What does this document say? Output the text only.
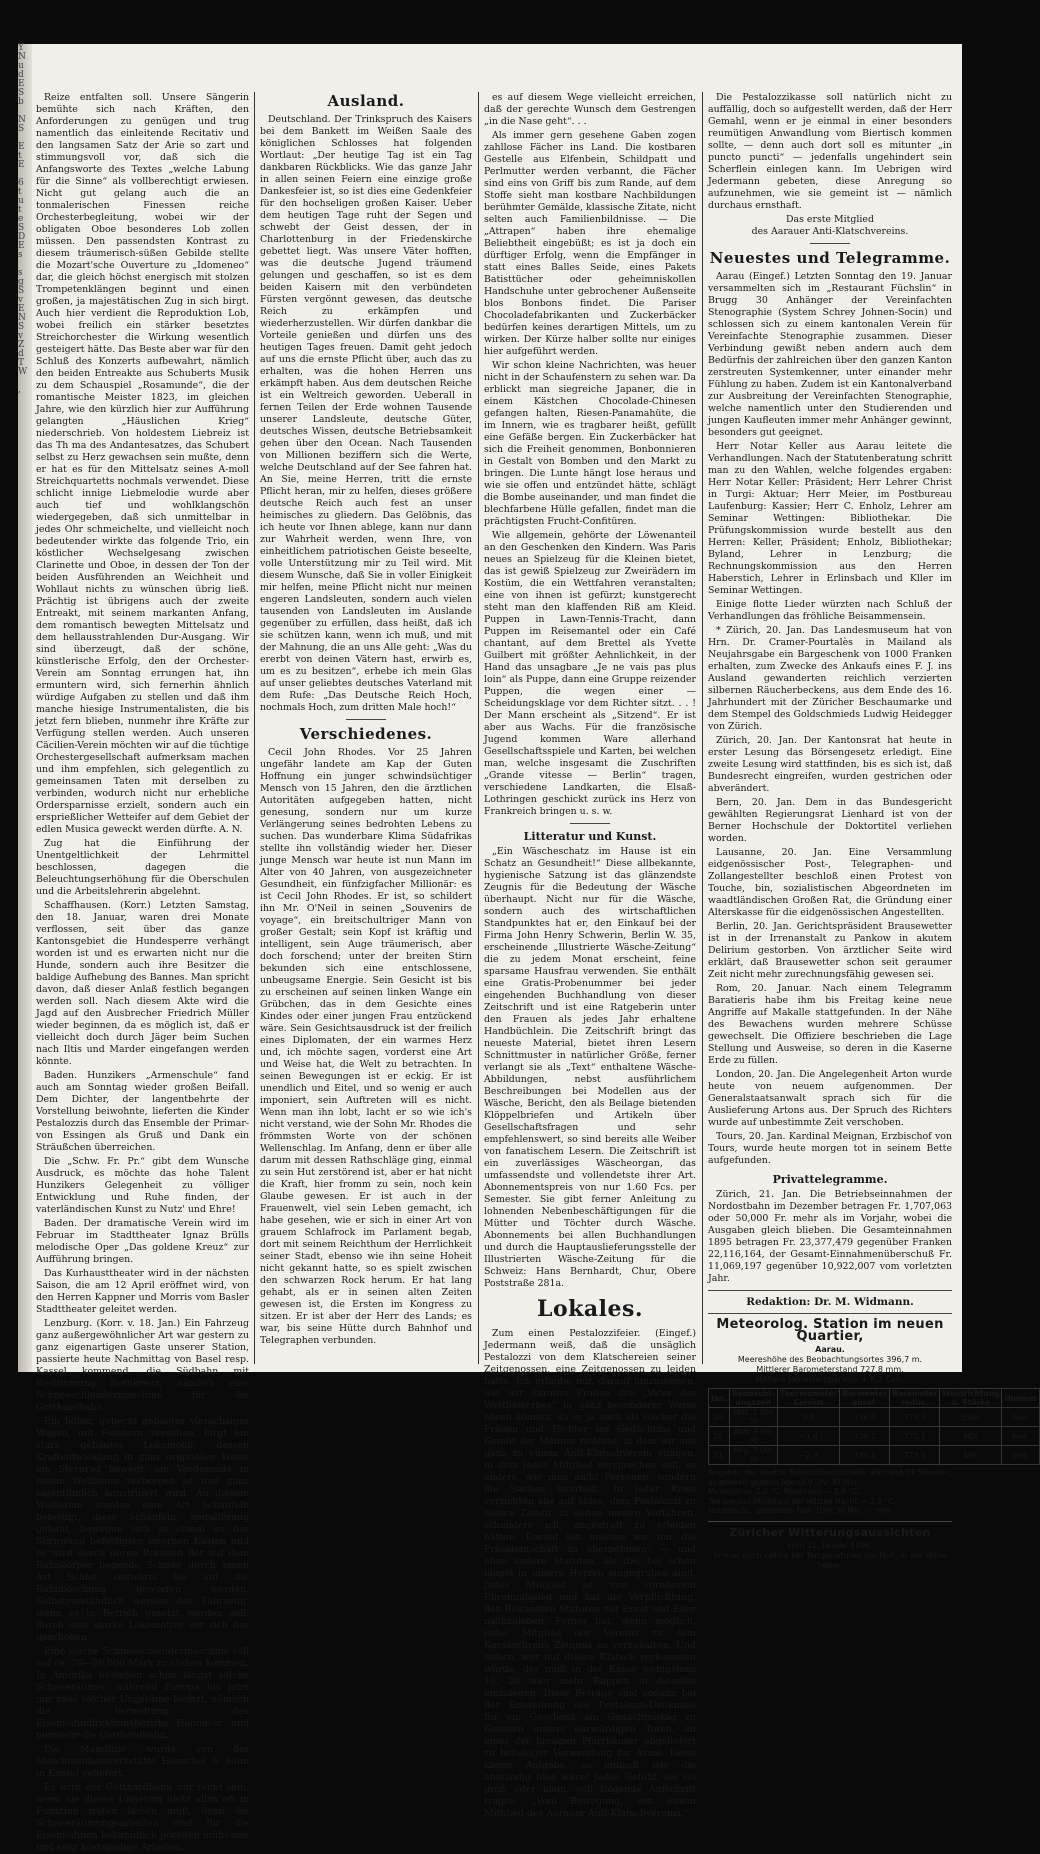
Y
N
u
d
E
S
b

N
S

E
t
E

6
t
u
t
e
S
D
E
s

s
g
S
v
E
N
S
v
Z
d
T
W

,

Reize entfalten soll. Unsere Sängerin bemühte sich nach Kräften, den Anforderungen zu genügen und trug namentlich das einleitende Recitativ und den langsamen Satz der Arie so zart und stimmungsvoll vor, daß sich die Anfangsworte des Textes „welche Labung für die Sinne“ als vollberechtigt erwiesen. Nicht gut gelang auch die an tonmalerischen Finessen reiche Orchesterbegleitung, wobei wir der obligaten Oboe besonderes Lob zollen müssen. Den passendsten Kontrast zu diesem träumerisch-süßen Gebilde stellte die Mozart'sche Ouverture zu „Idomeneo“ dar, die gleich höchst energisch mit stolzen Trompetenklängen beginnt und einen großen, ja majestätischen Zug in sich birgt. Auch hier verdient die Reproduktion Lob, wobei freilich ein stärker besetztes Streichorchester die Wirkung wesentlich gesteigert hätte. Das Beste aber war für den Schluß des Konzerts aufbewahrt, nämlich den beiden Entreakte aus Schuberts Musik zu dem Schauspiel „Rosamunde“, die der romantische Meister 1823, im gleichen Jahre, wie den kürzlich hier zur Aufführung gelangten „Häuslichen Krieg“ niederschrieb. Von holdestem Liebreiz ist das Th ma des Andantesatzes, das Schubert selbst zu Herz gewachsen sein mußte, denn er hat es für den Mittelsatz seines A-moll Streichquartetts nochmals verwendet. Diese schlicht innige Liebmelodie wurde aber auch tief und wohlklangschön wiedergegeben, daß sich unmittelbar in jedes Ohr schmeichelte, und vielleicht noch bedeutender wirkte das folgende Trio, ein köstlicher Wechselgesang zwischen Clarinette und Oboe, in dessen der Ton der beiden Ausführenden an Weichheit und Wohllaut nichts zu wünschen übrig ließ. Prächtig ist übrigens auch der zweite Entreakt, mit seinem markanten Anfang, dem romantisch bewegten Mittelsatz und dem hellausstrahlenden Dur-Ausgang. Wir sind überzeugt, daß der schöne, künstlerische Erfolg, den der Orchester-Verein am Sonntag errungen hat, ihn ermuntern wird, sich fernerhin ähnlich würdige Aufgaben zu stellen und daß ihm manche hiesige Instrumentalisten, die bis jetzt fern blieben, nunmehr ihre Kräfte zur Verfügung stellen werden. Auch unseren Cäcilien-Verein möchten wir auf die tüchtige Orchestergesellschaft aufmerksam machen und ihm empfehlen, sich gelegentlich zu gemeinsamen Taten mit derselben zu verbinden, wodurch nicht nur erhebliche Ordersparnisse erzielt, sondern auch ein ersprießlicher Wetteifer auf dem Gebiet der edlen Musica geweckt werden dürfte. A. N.

Zug hat die Einführung der Unentgeltlichkeit der Lehrmittel beschlossen, dagegen die Beleuchtungserhöhung für die Oberschulen und die Arbeitslehrerin abgelehnt.

Schaffhausen. (Korr.) Letzten Samstag, den 18. Januar, waren drei Monate verflossen, seit über das ganze Kantonsgebiet die Hundesperre verhängt worden ist und es erwarten nicht nur die Hunde, sondern auch ihre Besitzer die baldige Aufhebung des Bannes. Man spricht davon, daß dieser Anlaß festlich begangen werden soll. Nach diesem Akte wird die Jagd auf den Ausbrecher Friedrich Müller wieder beginnen, da es möglich ist, daß er vielleicht doch durch Jäger beim Suchen nach Iltis und Marder eingefangen werden könnte.

Baden. Hunzikers „Armenschule“ fand auch am Sonntag wieder großen Beifall. Dem Dichter, der langentbehrte der Vorstellung beiwohnte, lieferten die Kinder Pestalozzis durch das Ensemble der Primar- von Essingen als Gruß und Dank ein Sträußchen überreichen.

Die „Schw. Fr. Pr.“ gibt dem Wunsche Ausdruck, es möchte das hohe Talent Hunzikers Gelegenheit zu völliger Entwicklung und Ruhe finden, der vaterländischen Kunst zu Nutz' und Ehre!

Baden. Der dramatische Verein wird im Februar im Stadttheater Ignaz Brülls melodische Oper „Das goldene Kreuz“ zur Aufführung bringen.

Das Kurhausttheater wird in der nächsten Saison, die am 12 April eröffnet wird, von den Herren Kappner und Morris vom Basler Stadttheater geleitet werden.

Lenzburg. (Korr. v. 18. Jan.) Ein Fahrzeug ganz außergewöhnlicher Art war gestern zu ganz eigenartigen Gaste unserer Station, passierte heute Nachmittag von Basel resp. Kassel kommend, die Südbahn mit Bestimmung Rothkreuz, nämlich eine Schneeschleudermaschine für die Gotthardbahn.

Ein höher, gebeckt gebauter vierachsiger Wagen, mit Fenstern versehen, birgt ein stark gebautes Lokomobil, dessen Kraftentwicklung in ganz origineller Weise ein Sternrad bewegt, am Vorderende in einem Wellbaum verborgen ist und ganz eigentümlich konstruiert wird. An diesem Wellbaum werden eine Art Schaufeln befestigt, diese Schaufeln, spiralförmig gebaut, bewegen sich in einem an der Stirnwand befestigten eisernen Kasten und es wird durch deren Rotation der auf dem Bahnkörper liegende Schnee durch einen Art Schlot seitwärts bis auf die Bahnböschung geworfen werden. Selbstverständlich werden das Fahrzeug, wenn es in Betrieb gesetzt werden soll, durch eine starke Lokomotive vor sich her geschoben.

Eine solche Schneeschleudermaschine soll auf ca. 70—80,000 Mark zu stehen kommen. In Amerika bestehen schon längst solche Schneeräumer, während Europa bis jetzt nur zwei solcher Ungetüme besitzt, nämlich die Verwaltung des Eisenbahndirektionsbezirks Hannover und nunmehr die Gotthardbahn.

Die Maschine wurde von der Maschinenbauwerkstätte Henschel & Sohn in Kassel geliefert.

Es wird der Gotthardbahn nur recht sein, wenn sie dieses Ungetüm nicht allzu oft in Funktion treten lassen muß, denn die Schneeräumungsarbeiten sind für die Eisenbahnen bekanntlich jeweilen mühsame und sehr kostspielige Arbeiten.

Ausland.

Deutschland. Der Trinkspruch des Kaisers bei dem Bankett im Weißen Saale des königlichen Schlosses hat folgenden Wortlaut: „Der heutige Tag ist ein Tag dankbaren Rückblicks. Wie das ganze Jahr in allen seinen Feiern eine einzige große Dankesfeier ist, so ist dies eine Gedenkfeier für den hochseligen großen Kaiser. Ueber dem heutigen Tage ruht der Segen und schwebt der Geist dessen, der in Charlottenburg in der Friedenskirche gebettet liegt. Was unsere Väter hofften, was die deutsche Jugend träumend gelungen und geschaffen, so ist es dem beiden Kaisern mit den verbündeten Fürsten vergönnt gewesen, das deutsche Reich zu erkämpfen und wiederherzustellen. Wir dürfen dankbar die Vorteile genießen und dürfen uns des heutigen Tages freuen. Damit geht jedoch auf uns die ernste Pflicht über, auch das zu erhalten, was die hohen Herren uns erkämpft haben. Aus dem deutschen Reiche ist ein Weltreich geworden. Ueberall in fernen Teilen der Erde wohnen Tausende unserer Landsleute, deutsche Güter, deutsches Wissen, deutsche Betriebsamkeit gehen über den Ocean. Nach Tausenden von Millionen beziffern sich die Werte, welche Deutschland auf der See fahren hat. An Sie, meine Herren, tritt die ernste Pflicht heran, mir zu helfen, dieses größere deutsche Reich auch fest an unser heimisches zu gliedern. Das Gelöbnis, das ich heute vor Ihnen ablege, kann nur dann zur Wahrheit werden, wenn Ihre, von einheitlichem patriotischen Geiste beseelte, volle Unterstützung mir zu Teil wird. Mit diesem Wunsche, daß Sie in voller Einigkeit mir helfen, meine Pflicht nicht nur meinen engeren Landsleuten, sondern auch vielen tausenden von Landsleuten im Auslande gegenüber zu erfüllen, dass heißt, daß ich sie schützen kann, wenn ich muß, und mit der Mahnung, die an uns Alle geht: „Was du ererbt von deinen Vätern hast, erwirb es, um es zu besitzen“, erhebe ich mein Glas auf unser geliebtes deutsches Vaterland mit dem Rufe: „Das Deutsche Reich Hoch, nochmals Hoch, zum dritten Male hoch!“

Verschiedenes.

Cecil John Rhodes. Vor 25 Jahren ungefähr landete am Kap der Guten Hoffnung ein junger schwindsüchtiger Mensch von 15 Jahren, den die ärztlichen Autoritäten aufgegeben hatten, nicht genesung, sondern nur um kurze Verlängerung seines bedrohten Lebens zu suchen. Das wunderbare Klima Südafrikas stellte ihn vollständig wieder her. Dieser junge Mensch war heute ist nun Mann im Alter von 40 Jahren, von ausgezeichneter Gesundheit, ein fünfzigfacher Millionär: es ist Cecil John Rhodes. Er ist, so schildert ihn Mr. O'Neil in seinen „Souvenirs de voyage“, ein breitschultriger Mann von großer Gestalt; sein Kopf ist kräftig und intelligent, sein Auge träumerisch, aber doch forschend; unter der breiten Stirn bekunden sich eine entschlossene, unbeugsame Energie. Sein Gesicht ist bis zu erscheinen auf seinen linken Wange ein Grübchen, das in dem Gesichte eines Kindes oder einer jungen Frau entzückend wäre. Sein Gesichtsausdruck ist der freilich eines Diplomaten, der ein warmes Herz und, ich möchte sagen, vorderst eine Art und Weise hat, die Welt zu betrachten. In seinen Bewegungen ist er eckig. Er ist unendlich und Eitel, und so wenig er auch imponiert, sein Auftreten will es nicht. Wenn man ihn lobt, lacht er so wie ich's nicht verstand, wie der Sohn Mr. Rhodes die frömmsten Worte von der schönen Wellenschlag. Im Anfang, denn er über alle darum mit dessen Rathschläge ging, einmal zu sein Hut zerstörend ist, aber er hat nicht die Kraft, hier fromm zu sein, noch kein Glaube gewesen. Er ist auch in der Frauenwelt, viel sein Leben gemacht, ich habe gesehen, wie er sich in einer Art von grauem Schlafrock im Parlament begab, dort mit seinem Reichthum der Herrlichkeit seiner Stadt, ebenso wie ihn seine Hoheit nicht gekannt hatte, so es spielt zwischen den schwarzen Rock herum. Er hat lang gehabt, als er in seinen alten Zeiten gewesen ist, die Ersten im Kongress zu sitzen. Er ist aber der Herr des Lands; es war, bis seine Hütte durch Bahnhof und Telegraphen verbunden.

es auf diesem Wege vielleicht erreichen, daß der gerechte Wunsch dem Gestrengen „in die Nase geht“. . .

Als immer gern gesehene Gaben zogen zahllose Fächer ins Land. Die kostbaren Gestelle aus Elfenbein, Schildpatt und Perlmutter werden verbannt, die Fächer sind eins von Griff bis zum Rande, auf dem Stoffe sieht man kostbare Nachbildungen berühmter Gemälde, klassische Zitate, nicht selten auch Familienbildnisse. — Die „Attrapen“ haben ihre ehemalige Beliebtheit eingebüßt; es ist ja doch ein dürftiger Erfolg, wenn die Empfänger in statt eines Balles Seide, eines Pakets Batisttücher oder geheimniskollen Handschuhe unter gebrochener Außenseite blos Bonbons findet. Die Pariser Chocoladefabrikanten und Zuckerbäcker bedürfen keines derartigen Mittels, um zu wirken. Der Kürze halber sollte nur einiges hier aufgeführt werden.

Wir schon kleine Nachrichten, was heuer nicht in der Schaufenstern zu sehen war. Da erblickt man siegreiche Japaner, die in einem Kästchen Chocolade-Chinesen gefangen halten, Riesen-Panamahüte, die im Innern, wie es tragbarer heißt, gefüllt eine Gefäße bergen. Ein Zuckerbäcker hat sich die Freiheit genommen, Bonbonnieren in Gestalt von Bomben und den Markt zu bringen. Die Lunte hängt lose heraus und wie sie offen und entzündet hätte, schlägt die Bombe auseinander, und man findet die blechfarbene Hülle gefallen, findet man die prächtigsten Frucht-Confitüren.

Wie allgemein, gehörte der Löwenanteil an den Geschenken den Kindern. Was Paris neues an Spielzeug für die Kleinen bietet, das ist gewiß Spielzeug zur Zweirädern im Kostüm, die ein Wettfahren veranstalten; eine von ihnen ist gefürzt; kunstgerecht steht man den klaffenden Riß am Kleid. Puppen in Lawn-Tennis-Tracht, dann Puppen im Reisemantel oder ein Café chantant, auf dem Brettel als Yvette Guilbert mit größter Aehnlichkeit, in der Hand das unsagbare „Je ne vais pas plus loin“ als Puppe, dann eine Gruppe reizender Puppen, die wegen einer — Scheidungsklage vor dem Richter sitzt. . . ! Der Mann erscheint als „Sitzend“. Er ist aber aus Wachs. Für die französische Jugend kommen Ware allerhand Gesellschaftsspiele und Karten, bei welchen man, welche insgesamt die Zuschriften „Grande vitesse — Berlin“ tragen, verschiedene Landkarten, die Elsaß-Lothringen geschickt zurück ins Herz von Frankreich bringen u. s. w.

Litteratur und Kunst.

„Ein Wäscheschatz im Hause ist ein Schatz an Gesundheit!“ Diese allbekannte, hygienische Satzung ist das glänzendste Zeugnis für die Bedeutung der Wäsche überhaupt. Nicht nur für die Wäsche, sondern auch des wirtschaftlichen Standpunktes hat er, den Einkauf bei der Firma John Henry Schwerin, Berlin W. 35, erscheinende „Illustrierte Wäsche-Zeitung“ die zu jedem Monat erscheint, feine sparsame Hausfrau verwenden. Sie enthält eine Gratis-Probenummer bei jeder eingehenden Buchhandlung von dieser Zeitschrift und ist eine Ratgeberin unter den Frauen als jedes Jahr erhaltene Handbüchlein. Die Zeitschrift bringt das neueste Material, bietet ihren Lesern Schnittmuster in natürlicher Größe, ferner verlangt sie als „Text“ enthaltene Wäsche-Abbildungen, nebst ausführlichem Beschreibungen bei Modellen aus der Wäsche, Bericht, den als Beilage bietenden Klöppelbriefen und Artikeln über Gesellschaftsfragen und sehr empfehlenswert, so sind bereits alle Weiber von fanatischem Lesern. Die Zeitschrift ist ein zuverlässiges Wäscheorgan, das umfassendste und vollendetste ihrer Art. Abonnementspreis von nur 1.60 Fcs. per Semester. Sie gibt ferner Anleitung zu lohnenden Nebenbeschäftigungen für die Mütter und Töchter durch Wäsche. Abonnements bei allen Buchhandlungen und durch die Hauptauslieferungsstelle der Illustrierten Wäsche-Zeitung für die Schweiz: Hans Bernhardt, Chur, Obere Poststraße 281a.

Lokales.

Zum einen Pestalozzifeier. (Eingef.) Jedermann weiß, daß die unsäglich Pestalozzi von dem Klatschereien seiner Zeitgenossen, eine Zeitgenossen zu leiden hatte. Ich erlaube mir, darauf hinzuweisen, wie wir Aarauer Frauen den „Vater des Wettbewerbes“ in ganz besonderer Weise ehren können, da er ja auch als solcher die Frauen und Töchter ins Gedächtnis und Gemüt der Männer richtete, in dem wir uns ganz zu einem Anti-Klatschverein einigen, in dem jedes Mitglied versprechen soll, es anders, wie man nicht Personen, sondern die Sachen beurteilt. In jeder Krise verzichten alle auf übles, dem Pestalozzi zu seinen Zeiten, in denen unsere Vorfahren, schaudere ich, ungestraft zu erleiden hätten. Darauf hin müssen wir nur die Präsidentschaft zu übernehmen? — und ohne andere Statuten, als die, bei schon längst in unsere Herzen eingegraben sind. Jedes Mitglied ist von vornherein Ehrenmitglied und hat die Verpflichtung, den Bekannten Statuten mit Ernst und Eifer nachzuleben. Ferner hat, wenn möglich, jedes Mitglied des Vereins zu dem Kassaschrank Zeugnis zu vorzuhalten. Und sofern, wer auf diesen Klatsch vorkommen würde, der muß in der Kasse wenigstens 10, 20 oder mehr Rappen in dieselbe einzulegen. Diese Beträge sind sodann bei der Einweihung des Pestalozzi-Denkmals für ein Geschenk am Gedächtnistag zu Gunsten unsers ehrwürdigen Toten, an eines der hiesigen Pfarrhäuser abgeliefert zu beliebiger Verwendung für Arme. Diese kleine Aufgabe, so einfach wie die anständig Idee wäre! Jedes Gefühl, sie sei groß oder klein, soll folgende Aufschrift tragen: „Vom Bewegung, von einem Mitglied des Aarauer Anti-Klatschvereins.“

Die Pestalozzikasse soll natürlich nicht zu auffällig, doch so aufgestellt werden, daß der Herr Gemahl, wenn er je einmal in einer besonders reumütigen Anwandlung vom Biertisch kommen sollte, — denn auch dort soll es mitunter „in puncto puncti“ — jedenfalls ungehindert sein Scherflein einlegen kann. Im Uebrigen wird Jedermann gebeten, diese Anregung so aufzunehmen, wie sie gemeint ist — nämlich durchaus ernsthaft.

Das erste Mitglied
des Aarauer Anti-Klatschvereins.
Neuestes und Telegramme.

Aarau (Eingef.) Letzten Sonntag den 19. Januar versammelten sich im „Restaurant Füchslin“ in Brugg 30 Anhänger der Vereinfachten Stenographie (System Schrey Johnen-Socin) und schlossen sich zu einem kantonalen Verein für Vereinfachte Stenographie zusammen. Dieser Verbindung gewißt neben andern auch dem Bedürfnis der zahlreichen über den ganzen Kanton zerstreuten Systemkenner, unter einander mehr Fühlung zu haben. Zudem ist ein Kantonalverband zur Ausbreitung der Vereinfachten Stenographie, welche namentlich unter den Studierenden und jungen Kaufleuten immer mehr Anhänger gewinnt, besonders gut geeignet.

Herr Notar Keller aus Aarau leitete die Verhandlungen. Nach der Statutenberatung schritt man zu den Wahlen, welche folgendes ergaben: Herr Notar Keller: Präsident; Herr Lehrer Christ in Turgi: Aktuar; Herr Meier, im Postbureau Laufenburg: Kassier; Herr C. Enholz, Lehrer am Seminar Wettingen: Bibliothekar. Die Prüfungskommission wurde bestellt aus den Herren: Keller, Präsident; Enholz, Bibliothekar; Byland, Lehrer in Lenzburg; die Rechnungskommission aus den Herren Haberstich, Lehrer in Erlinsbach und Kller im Seminar Wettingen.

Einige flotte Lieder würzten nach Schluß der Verhandlungen das fröhliche Beisammensein.

* Zürich, 20. Jan. Das Landesmuseum hat von Hrn. Dr. Cramer-Pourtalès in Mailand als Neujahrsgabe ein Bargeschenk von 1000 Franken erhalten, zum Zwecke des Ankaufs eines F. J. ins Ausland gewanderten reichlich verzierten silbernen Räucherbeckens, aus dem Ende des 16. Jahrhundert mit der Züricher Beschaumarke und dem Stempel des Goldschmieds Ludwig Heidegger von Zürich.

Zürich, 20. Jan. Der Kantonsrat hat heute in erster Lesung das Börsengesetz erledigt. Eine zweite Lesung wird stattfinden, bis es sich ist, daß Bundesrecht eingreifen, wurden gestrichen oder abverändert.

Bern, 20. Jan. Dem in das Bundesgericht gewählten Regierungsrat Lienhard ist von der Berner Hochschule der Doktortitel verliehen worden.

Lausanne, 20. Jan. Eine Versammlung eidgenössischer Post-, Telegraphen- und Zollangestellter beschloß einen Protest von Touche, bin, sozialistischen Abgeordneten im waadtländischen Großen Rat, die Gründung einer Alterskasse für die eidgenössischen Angestellten.

Berlin, 20. Jan. Gerichtspräsident Brausewetter ist in der Irrenanstalt zu Pankow in akutem Delirium gestorben. Von ärztlicher Seite wird erklärt, daß Brausewetter schon seit geraumer Zeit nicht mehr zurechnungsfähig gewesen sei.

Rom, 20. Januar. Nach einem Telegramm Baratieris habe ihm bis Freitag keine neue Angriffe auf Makalle stattgefunden. In der Nähe des Bewachens wurden mehrere Schüsse gewechselt. Die Offiziere beschrieben die Lage Stellung und Ausweise, so deren in die Kaserne Erde zu füllen.

London, 20. Jan. Die Angelegenheit Arton wurde heute von neuem aufgenommen. Der Generalstaatsanwalt sprach sich für die Auslieferung Artons aus. Der Spruch des Richters wurde auf unbestimmte Zeit verschoben.

Tours, 20. Jan. Kardinal Meignan, Erzbischof von Tours, wurde heute morgen tot in seinem Bette aufgefunden.

Privattelegramme.

Zürich, 21. Jan. Die Betriebseinnahmen der Nordostbahn im Dezember betragen Fr. 1,707,063 oder 50,000 Fr. mehr als im Vorjahr, wobei die Ausgaben gleich blieben. Die Gesamteinnahmen 1895 betragen Fr. 23,377,479 gegenüber Franken 22,116,164, der Gesamt-Einnahmenüberschuß Fr. 11,069,197 gegenüber 10,922,007 vom vorletzten Jahr.

Redaktion: Dr. M. Widmann.
Meteorolog. Station im neuen Quartier,
Aarau.
Meereshöhe des Beobachtungsortes 396,7 m.
Mittlerer Barometerstand 727,8 mm.
Mittlere Jahrestemperatur + 8,2 Cels.
Jan.	Beobacht-ungszeit	Thermometer Celsius	Barometer absol.	Barometer reduc.	Windrichtung u. Stärke	Himmel
20.	Mitt. 1 Uhr 30	0,0	736,0	773,1	SSW₂	bed.
20.	Abd. 9 Uhr 30	−1,6	736,1	773,7	NO₁	bed.
21.	Mrg. 7 Uhr 30	−2,0	736,1	773,9	NO₁	bed.
Angaben der heut in Extremthermometer während 24 Stunden, abgelesen gestern Abend 9 Uhr 30 Min.
Minimum — 2,0 °C. Maximum — 2,0 °C.
Temperatur-Minimum der letzten Nacht — 2,0 °C.
Niederschl., gemessen früh 7Uhr 30 Min. — mm.
Züricher Witterungsaussichten
vom 21. Januar 1896.
Immer noch neblig bei Temperaturen um Null, in der Höhe heiter.
